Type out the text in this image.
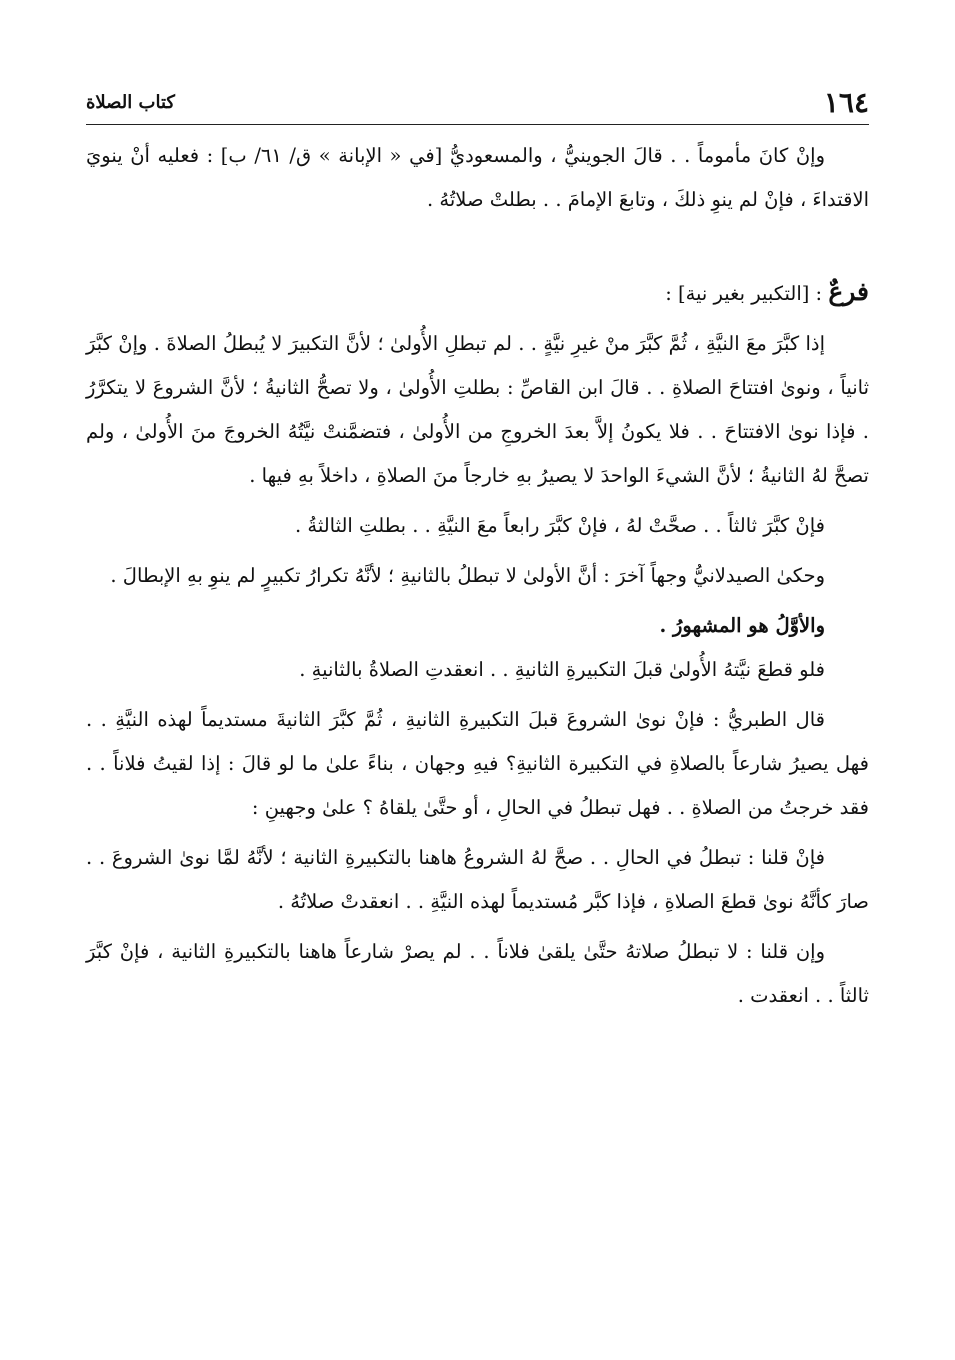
١٦٤
كتاب الصلاة

وإنْ كانَ مأموماً . . قالَ الجوينيُّ ، والمسعوديُّ [في « الإبانة » ق/ ٦١/ ب] : فعليه أنْ ينويَ الاقتداءَ ، فإنْ لم ينوِ ذلكَ ، وتابعَ الإمامَ . . بطلتْ صلاتُهُ .

فرعٌ : [التكبير بغير نية] :

إذا كبَّرَ معَ النيَّةِ ، ثُمَّ كبَّرَ منْ غيرِ نيَّةٍ . . لم تبطلِ الأُولىٰ ؛ لأنَّ التكبيرَ لا يُبطلُ الصلاةَ . وإنْ كبَّرَ ثانياً ، ونوىٰ افتتاحَ الصلاةِ . . قالَ ابن القاصِّ : بطلتِ الأُولىٰ ، ولا تصحُّ الثانيةُ ؛ لأنَّ الشروعَ لا يتكرَّرُ . فإذا نوىٰ الافتتاحَ . . فلا يكونُ إلاَّ بعدَ الخروجِ من الأُولىٰ ، فتضمَّنتْ نيَّتُهُ الخروجَ منَ الأُولىٰ ، ولم تصحَّ لهُ الثانيةُ ؛ لأنَّ الشيءَ الواحدَ لا يصيرُ بهِ خارجاً منَ الصلاةِ ، داخلاً بهِ فيها .

فإنْ كبَّرَ ثالثاً . . صحَّتْ لهُ ، فإنْ كبَّرَ رابعاً معَ النيَّةِ . . بطلتِ الثالثةُ .

وحكىٰ الصيدلانيُّ وجهاً آخرَ : أنَّ الأولىٰ لا تبطلُ بالثانيةِ ؛ لأنَّهُ تكرارُ تكبيرٍ لم ينوِ بهِ الإبطالَ .

والأوَّلُ هو المشهورُ .

فلو قطعَ نيَّتهُ الأُولىٰ قبلَ التكبيرةِ الثانيةِ . . انعقدتِ الصلاةُ بالثانيةِ .

قال الطبريُّ : فإنْ نوىٰ الشروعَ قبلَ التكبيرةِ الثانيةِ ، ثُمَّ كبَّرَ الثانيةَ مستديماً لهذه النيَّةِ . . فهل يصيرُ شارعاً بالصلاةِ في التكبيرة الثانيةِ؟ فيهِ وجهان ، بناءً علىٰ ما لو قالَ : إذا لقيتُ فلاناً . . فقد خرجتُ من الصلاةِ . . فهل تبطلُ في الحالِ ، أو حتَّىٰ يلقاهُ ؟ علىٰ وجهينِ :

فإنْ قلنا : تبطلُ في الحالِ . . صحَّ لهُ الشروعُ هاهنا بالتكبيرةِ الثانية ؛ لأنَّهُ لمَّا نوىٰ الشروعَ . . صارَ كأنَّهُ نوىٰ قطعَ الصلاةِ ، فإذا كبَّر مُستديماً لهذه النيَّةِ . . انعقدتْ صلاتُهُ .

وإن قلنا : لا تبطلُ صلاتهُ حتَّىٰ يلقىٰ فلاناً . . لم يصرْ شارعاً هاهنا بالتكبيرةِ الثانية ، فإنْ كبَّرَ ثالثاً . . انعقدت .
